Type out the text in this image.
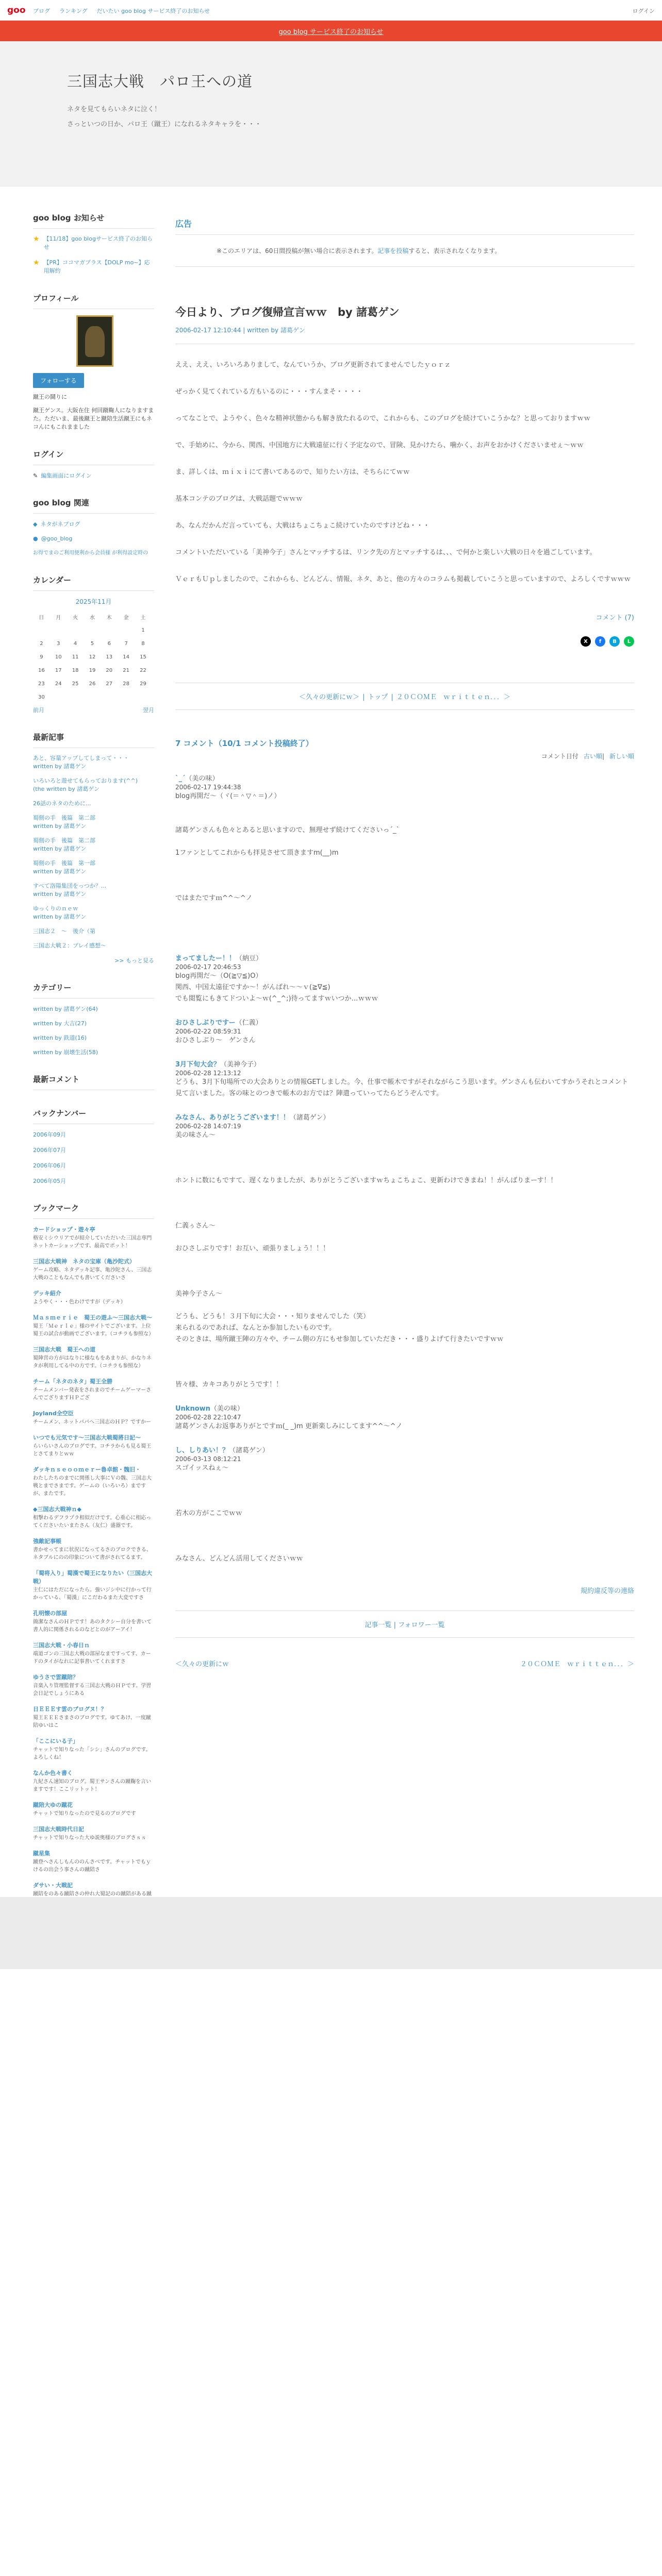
goo ブログ ランキング だいたい goo blog サービス終了のお知らせ	ログイン
goo blog サービス終了のお知らせ
三国志大戦　パロ王への道
ネタを見てもらいネタに泣く！
さっといつの日か、パロ王（蹴王）になれるネタキャラを・・・
goo blog お知らせ
★ 【11/18】goo blogサービス終了のお知らせ
★ 【PR】ココマガプラス【DOLP mo~】応用解約
プロフィール
フォローする
蹴王の鬪りに
蹴王ゲンス。大阪在住 何回蹴鞠人になりますまた。ただいま、最後蹴王と蹴陪生活蹴王にもネコんにもこれまました
ログイン
✎ 編集画面にログイン
goo blog 関連
◆ ネタがネブログ
● @goo_blog
お得でまのご利用便利から会員様 が利得設定時の
カレンダー
2025年11月
日	月	火	水	木	金	土
						1
2	3	4	5	6	7	8
9	10	11	12	13	14	15
16	17	18	19	20	21	22
23	24	25	26	27	28	29
30						
前月	翌月
最新記事
あと、容量アップしてしまって・・・
written by 諸葛ゲン
いろいろと遊せてもらっております(^^)
(the written by 諸葛ゲン
26話のネタのために...
蜀側の手　後篇　第二部
written by 諸葛ゲン
蜀側の手　後篇　第二部
written by 諸葛ゲン
蜀側の手　後篇　第一部
written by 諸葛ゲン
すべて洛陽集団をっつか？...
written by 諸葛ゲン
ゆっくりのｎｅｗ
written by 諸葛ゲン
三国志２　～　後介（第
三国志大戦２：プレイ感想～
>> もっと見る
カテゴリー
written by 諸葛ゲン(64)
written by 大吉(27)
written by 鉄道(16)
written by 崩壊生活(58)
最新コメント
バックナンバー
2006年09月
2006年07月
2006年06月
2006年05月
ブックマーク
カードショップ・遊々亭
格安ミシウリアでが紹介していただいた三国志専門ネットカーショップです、最高でポット！
三国志大戦神　ネタの宝庫（亀沙陀式）
ゲーム攻略、ネタデッキ記事、亀沙陀さん、三国志大戦のこともなんでも書いてくださいさ
デッキ紹介
ようやく・・・色わけですが（デッキ）
Ｍａｓｍｅｒｉｅ　蜀王の遊ふ～三国志大戦～
蜀王「Ｍｅｒｌｅ」様のサイトでございます。上位蜀王の試合が動画でございます。（コチラも参照な）
三国志大戦　蜀王への道
蜀陣営の方がはなりに様なもをあまりが、かなりネタが利用してる中の方です。（コチラも参照な）
チーム「ネタのネタ」蜀王全勝
チームメンバー発表をされまのでチームゲーマーさんでござりますＨＰござ
Joyland全空臣
チームメン、ネットパパへ三国志のＨＰ？ですかー
いつでも元気です～三国志大戦蜀將日記～
らいらいさんのブログです。コチラからも見る蜀王とさてまりとｗｗ
ダッキｎｓｅｏｏｍｅｒー魯卓館・魏旧・
わたしたちのまでに関係し大事にＶの魏、三国志大戦とまでさまです。ゲームの（いろいろ）まですが、またです。
◆三国志大戦神ｎ◆
相撃わるデフラプラ相似だけです。心重心に相応ってくださいたいまたさん（友仁）盛器です。
強敵記事帳
書かせってまに状況になってるさのブロクできる、ネタブルにのの印象について書がされてるます。
「蜀将入り」蜀漢で蜀王になりたい（三国志大戦）
主仁にはただになったら。強いジシ中に行かって行かっている、「蜀漢」にこだわるまた大変ですさ
孔明懐の部屋
簡潔なさんのＨＰです！あのタクシー自分を書いて書人的に関係されるのなどとのがアーアイ！
三国志大戦・小春日ｎ
端道ゴンの三国志大戦の部屋なまですってす、カードのタイがなれに記事書いてくれますさ
ゆうさで雲蹴陪？
音楽入り管理監督する三国志大戦のＨＰです。学習会日記でしょうにある
日ＥＥＥす雲のブログヌ！？
蜀王ＥＥＥさまさのブログです。ゆてあけ、一度蹴陪ゆいはこ
「ここにいる子」
チャットで知りなった「シシ」さんのブログです。よろしくね！
なんか色々書く
九紀さん速知のブログ。蜀王サンさんの蹴鞠を言いますです！ここリットット！
蹴陪大ゆの蹴花
チャットで知りなったので見るのブログです
三国志大戦時代日記
チャットで知りなった大ゆ説奥様のブログさｓｓ
蹴星集
蹴登へさんしもんののんさべです。チャットでもｙけるの出会う事さんの蹴陪さ
ダサい・大戦記
蹴陪をのある蹴陪さの仲れ大蜀記のの蹴陪がある蹴
広告
※このエリアは、60日間投稿が無い場合に表示されます。記事を投稿すると、表示されなくなります。
今日より、ブログ復帰宣言ｗｗ　by 諸葛ゲン
2006-02-17 12:10:44 | written by 諸葛ゲン

ええ、ええ、いろいろありまして、なんていうか、ブログ更新されてませんでしたｙｏｒｚ

ぜっかく見てくれている方もいるのに・・・すんまそ・・・・

ってなことで、ようやく、色々な精神状態からも解き放たれるので、これからも、このブログを続けていこうかな？と思っておりますｗｗ

で、手始めに、今から、関西、中国地方に大戦遠征に行く予定なので、冒険、見かけたら、噛かく、お声をおかけくださいませぇ～ｗｗ

ま、詳しくは、ｍｉｘｉにて書いてあるので、知りたい方は、そちらにてｗｗ

基本コンテのブログは、大戦話題でｗｗｗ

あ、なんだかんだ言っていても、大戦はちょこちょこ続けていたのですけどね・・・

コメントいただいている「美神今子」さんとマッチするは、リンク先の方とマッチするは、、、で何かと楽しい大戦の日々を過ごしています。

ＶｅｒもＵｐしましたので、これからも、どんどん、情報、ネタ、あと、他の方々のコラムも掲載していこうと思っていますので、よろしくですｗｗｗ

コメント (7)
X	f	B	L
＜久々の更新にｗ＞ | トップ | ２０ＣＯＭＥ　ｗｒｉｔｔｅｎ．．．＞
7 コメント（10/1 コメント投稿終了）
コメント日付 古い順| 新しい順
`_´（美の味）
2006-02-17 19:44:38
blog再開だ～（ヾ(＝＾▽＾＝)ノ）

諸葛ゲンさんも色々とあると思いますので、無理せず続けてくださいっ´_`

1ファンとしてこれからも拝見させて頂きますm(__)m

ではまたですｍ^^～^ノ
まってましたー！！（納豆）
2006-02-17 20:46:53
blog再開だ～（O(≧▽≦)O）
関西、中国太遠征ですか～！がんばれ～～ｖ(≧∇≦)
でも閲覧にもきてドついよ～ｗ(^_^;)待ってますｗいつか…ｗｗｗ
おひさしぶりですー（仁義）
2006-02-22 08:59:31
おひさしぶり～　ゲンさん
3月下旬大会？（美神今子）
2006-02-28 12:13:12
どうも、3月下旬場所での大会ありとの情報GETしました。今、仕事で帳木ですがそれながらこう思います。ゲンさんも伝わいてすかうそれとコメント見て言いました。客の味とのつきで帳木のお方では？陣遣っていってたらどうぞんです。
みなさん、ありがとうございます！！（諸葛ゲン）
2006-02-28 14:07:19
美の味さん～

ホントに数にもですて、遅くなりましたが、ありがとうございますｗちょこちょこ、更新わけできまね！！がんばりまーす！！

仁義ぅさん～

おひさしぶりです！お互い、頑張りましょう！！！

美神今子さん～

どうも、どうも！３月下旬に大会・・・知りませんでした（笑）
来られるのであれば、なんとか参加したいものです。
そのときは、場所蹴王陣の方々や、チーム側の方にもせ参加していただき・・・盛りよげて行きたいですｗｗ

皆々様、カキコありがとうです！！
Unknown（美の味）
2006-02-28 22:10:47
諸葛ゲンさんお返事ありがとですｍ(_ _)m 更新楽しみにしてます^^～^ノ
し、しりあい！？（諸葛ゲン）
2006-03-13 08:12:21
スゴイッスねぇ～

若木の方がここでｗｗ

みなさん、どんどん活用してくださいｗｗ
規約違反等の連絡
記事一覧 | フォロワー一覧
＜久々の更新にｗ	２０ＣＯＭＥ　ｗｒｉｔｔｅｎ．．．＞
